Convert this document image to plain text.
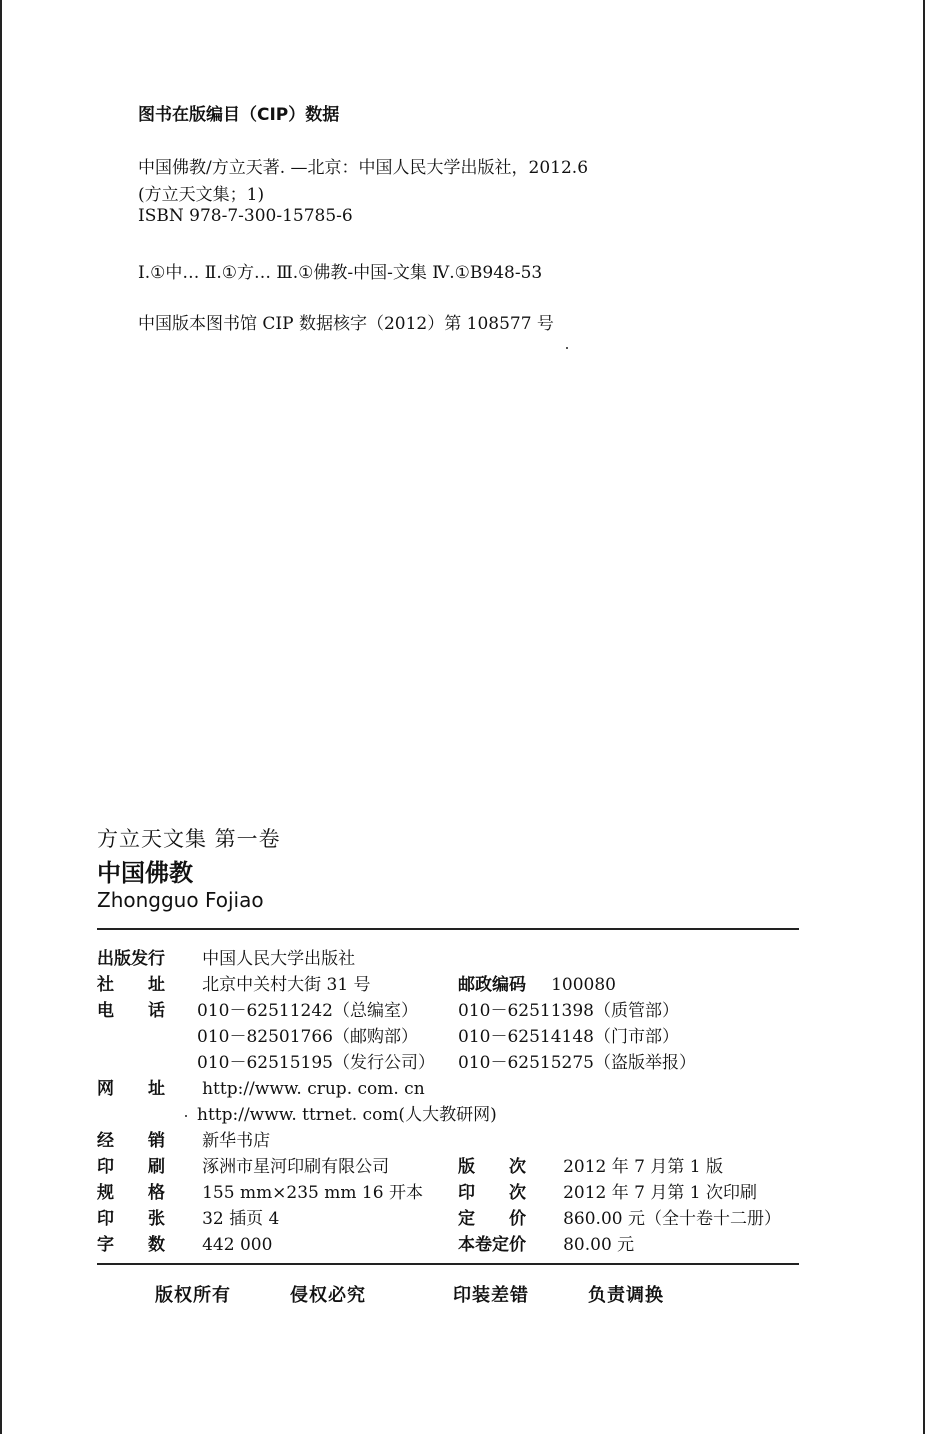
图书在版编目（CIP）数据
中国佛教/方立天著. —北京：中国人民大学出版社，2012.6
(方立天文集；1)
ISBN 978-7-300-15785-6
Ⅰ.①中… Ⅱ.①方… Ⅲ.①佛教-中国-文集 Ⅳ.①B948-53
中国版本图书馆 CIP 数据核字（2012）第 108577 号
方立天文集 第一卷
中国佛教
Zhongguo Fojiao
出版发行 中国人民大学出版社
社　　址 北京中关村大街 31 号	邮政编码 100080
电　　话	010－62511242（总编室） 010－62511398（质管部）
010－82501766（邮购部） 010－62514148（门市部）
010－62515195（发行公司） 010－62515275（盗版举报）
网　　址 http://www. crup. com. cn
http://www. ttrnet. com(人大教研网)
经　　销 新华书店
印　　刷 涿洲市星河印刷有限公司	版　　次 2012 年 7 月第 1 版
规　　格 155 mm×235 mm 16 开本 印　　次 2012 年 7 月第 1 次印刷
印　　张 32 插页 4	定　　价 860.00 元（全十卷十二册）
字　　数 442 000	本卷定价 80.00 元
版权所有	侵权必究	印装差错	负责调换
